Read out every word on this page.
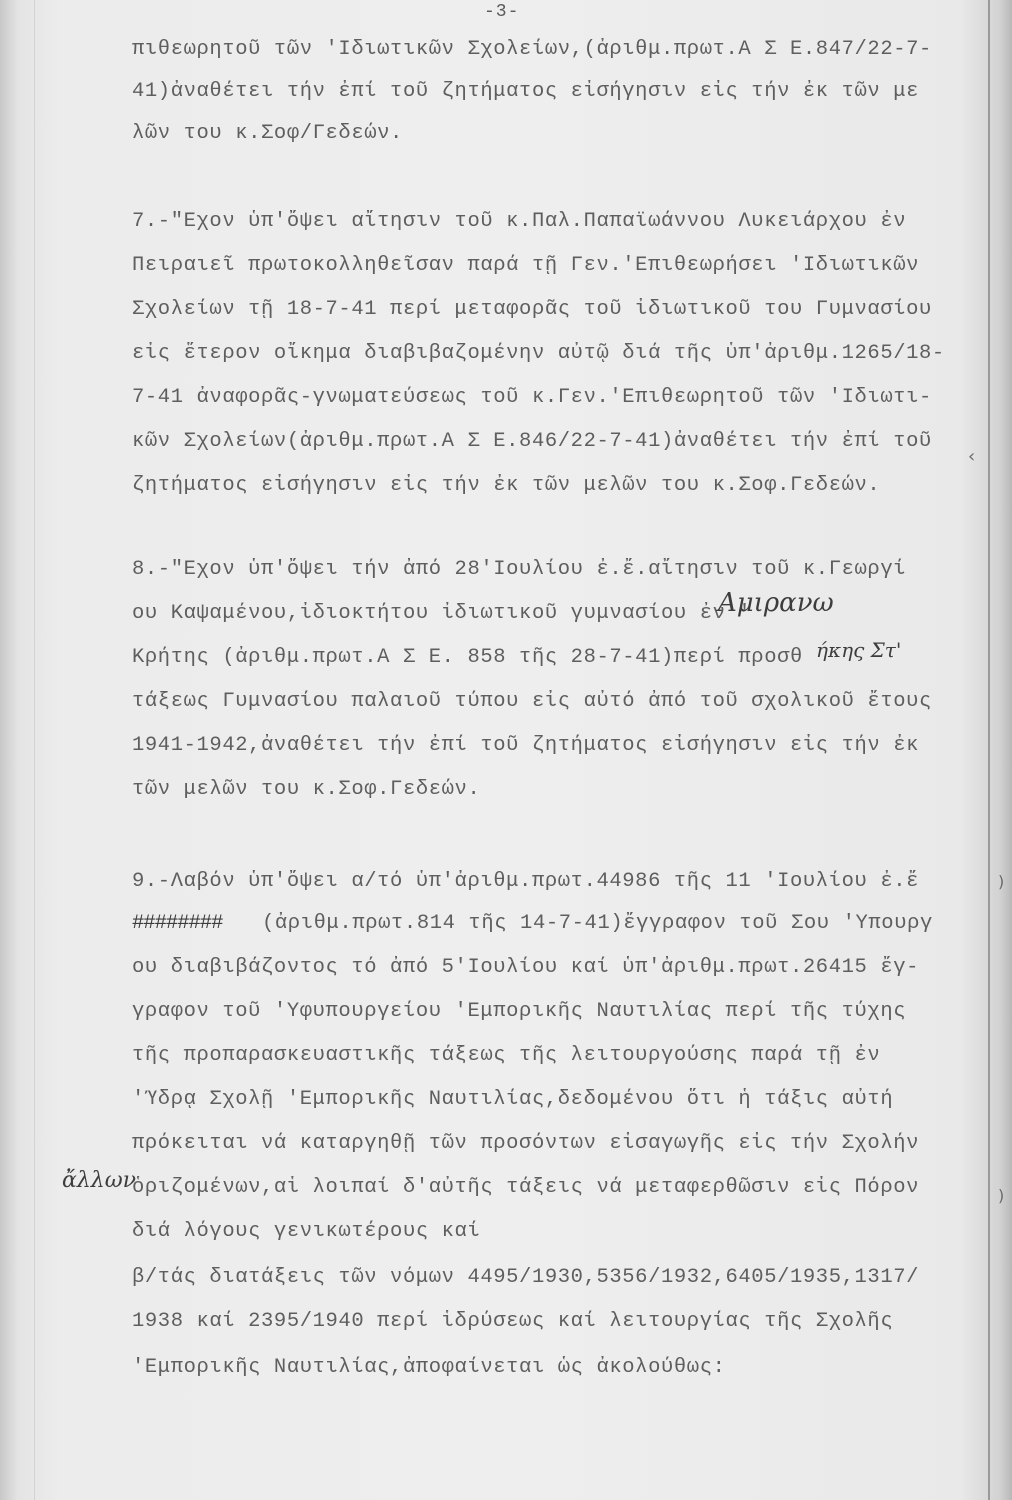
-3-
πιθεωρητοῦ τῶν 'Ιδιωτικῶν Σχολείων,(ἀριθμ.πρωτ.Α Σ Ε.847/22-7-
41)ἀναθέτει τήν ἐπί τοῦ ζητήματος εἰσήγησιν εἰς τήν ἐκ τῶν με
λῶν του κ.Σοφ/Γεδεών.
7.-"Εχον ὑπ'ὄψει αἴτησιν τοῦ κ.Παλ.Παπαϊωάννου Λυκειάρχου ἐν
Πειραιεῖ πρωτοκολληθεῖσαν παρά τῇ Γεν.'Επιθεωρήσει 'Ιδιωτικῶν
Σχολείων τῇ 18-7-41 περί μεταφορᾶς τοῦ ἰδιωτικοῦ του Γυμνασίου
εἰς ἕτερον οἴκημα διαβιβαζομένην αὐτῷ διά τῆς ὑπ'ἀριθμ.1265/18-
7-41 ἀναφορᾶς-γνωματεύσεως τοῦ κ.Γεν.'Επιθεωρητοῦ τῶν 'Ιδιωτι-
κῶν Σχολείων(ἀριθμ.πρωτ.Α Σ Ε.846/22-7-41)ἀναθέτει τήν ἐπί τοῦ
ζητήματος εἰσήγησιν εἰς τήν ἐκ τῶν μελῶν του κ.Σοφ.Γεδεών.
‹
8.-"Εχον ὑπ'ὄψει τήν ἀπό 28'Ιουλίου ἐ.ἔ.αἴτησιν τοῦ κ.Γεωργί
ου Καψαμένου,ἰδιοκτήτου ἰδιωτικοῦ γυμνασίου ἐν '
Αμιρανω
Κρήτης (ἀριθμ.πρωτ.Α Σ Ε. 858 τῆς 28-7-41)περί προσθ ήκης Στ'
τάξεως Γυμνασίου παλαιοῦ τύπου εἰς αὐτό ἀπό τοῦ σχολικοῦ ἔτους
1941-1942,ἀναθέτει τήν ἐπί τοῦ ζητήματος εἰσήγησιν εἰς τήν ἐκ
τῶν μελῶν του κ.Σοφ.Γεδεών.
9.-Λαβόν ὑπ'ὄψει α/τό ὑπ'ἀριθμ.πρωτ.44986 τῆς 11 'Ιουλίου ἐ.ἔ
######## (ἀριθμ.πρωτ.814 τῆς 14-7-41)ἔγγραφον τοῦ Σου 'Υπουργ
ου διαβιβάζοντος τό ἀπό 5'Ιουλίου καί ὑπ'ἀριθμ.πρωτ.26415 ἔγ-
γραφον τοῦ 'Υφυπουργείου 'Εμπορικῆς Ναυτιλίας περί τῆς τύχης
τῆς προπαρασκευαστικῆς τάξεως τῆς λειτουργούσης παρά τῇ ἐν
'Ύδρᾳ Σχολῇ 'Εμπορικῆς Ναυτιλίας,δεδομένου ὅτι ἡ τάξις αὐτή
πρόκειται νά καταργηθῇ τῶν προσόντων εἰσαγωγῆς εἰς τήν Σχολήν
ἄλλων
ὁριζομένων,αἱ λοιπαί δ'αὐτῆς τάξεις νά μεταφερθῶσιν εἰς Πόρον
διά λόγους γενικωτέρους καί
β/τάς διατάξεις τῶν νόμων 4495/1930,5356/1932,6405/1935,1317/
1938 καί 2395/1940 περί ἱδρύσεως καί λειτουργίας τῆς Σχολῆς
'Εμπορικῆς Ναυτιλίας,ἀποφαίνεται ὡς ἀκολούθως:
)
)
